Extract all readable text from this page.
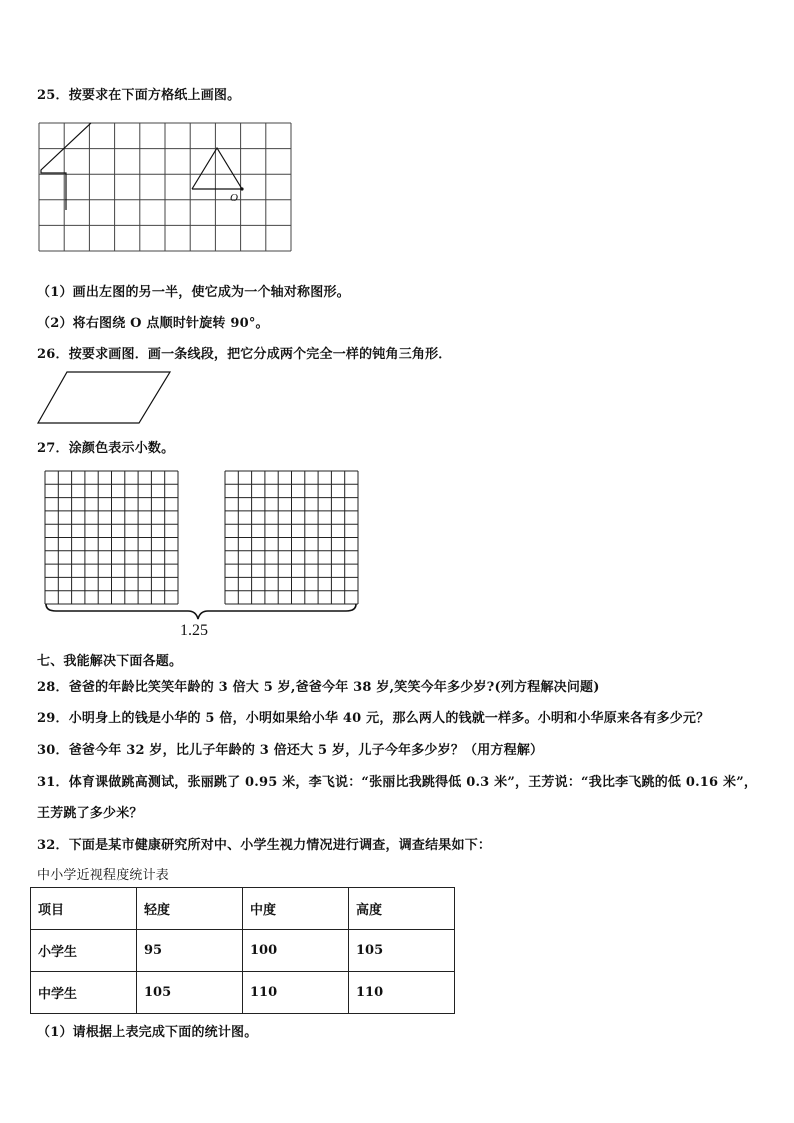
25．按要求在下面方格纸上画图。
O
（1）画出左图的另一半，使它成为一个轴对称图形。
（2）将右图绕 O 点顺时针旋转 90°。
26．按要求画图．画一条线段，把它分成两个完全一样的钝角三角形．
27．涂颜色表示小数。
1.25
七、我能解决下面各题。
28．爸爸的年龄比笑笑年龄的 3 倍大 5 岁,爸爸今年 38 岁,笑笑今年多少岁?(列方程解决问题)
29．小明身上的钱是小华的 5 倍，小明如果给小华 40 元，那么两人的钱就一样多。小明和小华原来各有多少元？
30．爸爸今年 32 岁，比儿子年龄的 3 倍还大 5 岁，儿子今年多少岁？（用方程解）
31．体育课做跳高测试，张丽跳了 0.95 米，李飞说：“张丽比我跳得低 0.3 米”，王芳说：“我比李飞跳的低 0.16 米”，
王芳跳了多少米？
32．下面是某市健康研究所对中、小学生视力情况进行调查，调查结果如下：
中小学近视程度统计表
项目	轻度	中度	高度
小学生	95	100	105
中学生	105	110	110
（1）请根据上表完成下面的统计图。
